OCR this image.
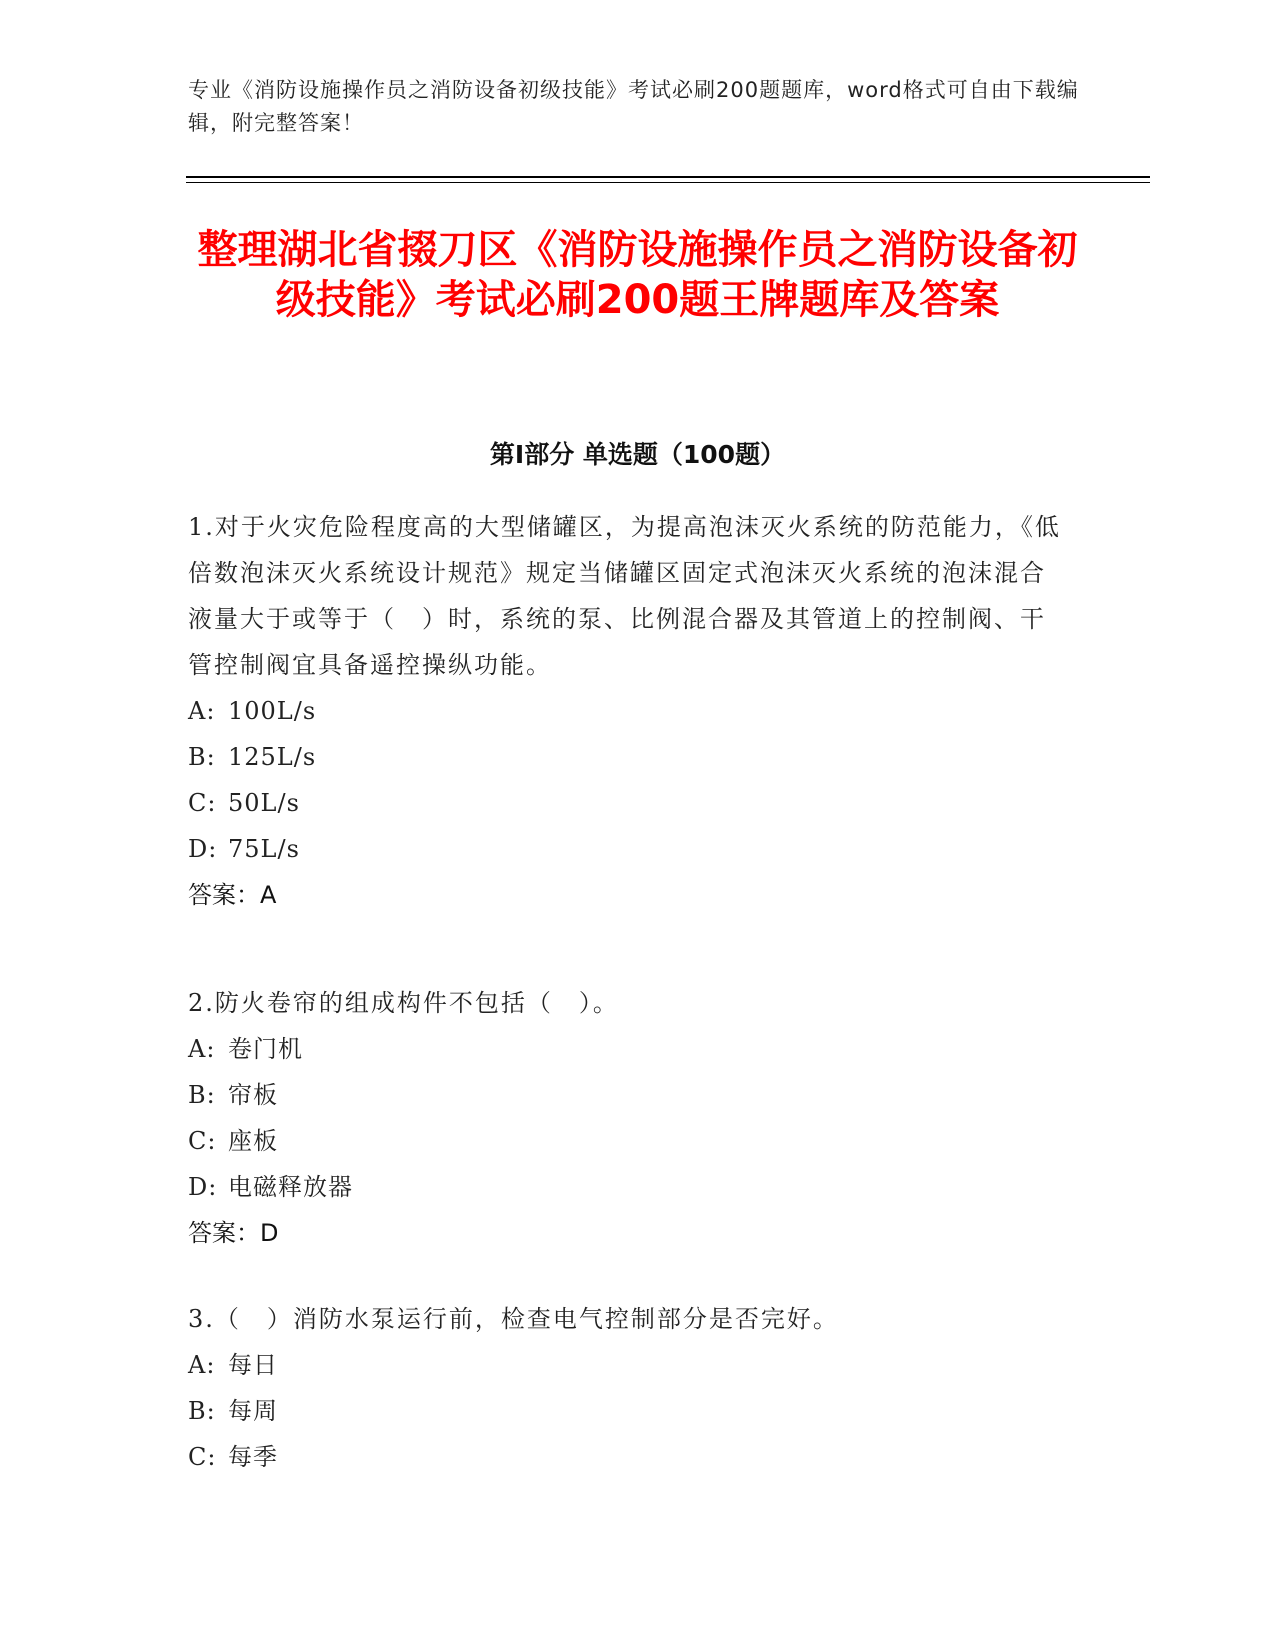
专业《消防设施操作员之消防设备初级技能》考试必刷200题题库，word格式可自由下载编辑，附完整答案！
整理湖北省掇刀区《消防设施操作员之消防设备初级技能》考试必刷200题王牌题库及答案
第I部分 单选题（100题）
1.对于火灾危险程度高的大型储罐区，为提高泡沫灭火系统的防范能力，《低倍数泡沫灭火系统设计规范》规定当储罐区固定式泡沫灭火系统的泡沫混合液量大于或等于（　）时，系统的泵、比例混合器及其管道上的控制阀、干管控制阀宜具备遥控操纵功能。
A: 100L/s
B: 125L/s
C: 50L/s
D: 75L/s
答案：A
2.防火卷帘的组成构件不包括（　）。
A: 卷门机
B: 帘板
C: 座板
D: 电磁释放器
答案：D
3.（　）消防水泵运行前，检查电气控制部分是否完好。
A: 每日
B: 每周
C: 每季
